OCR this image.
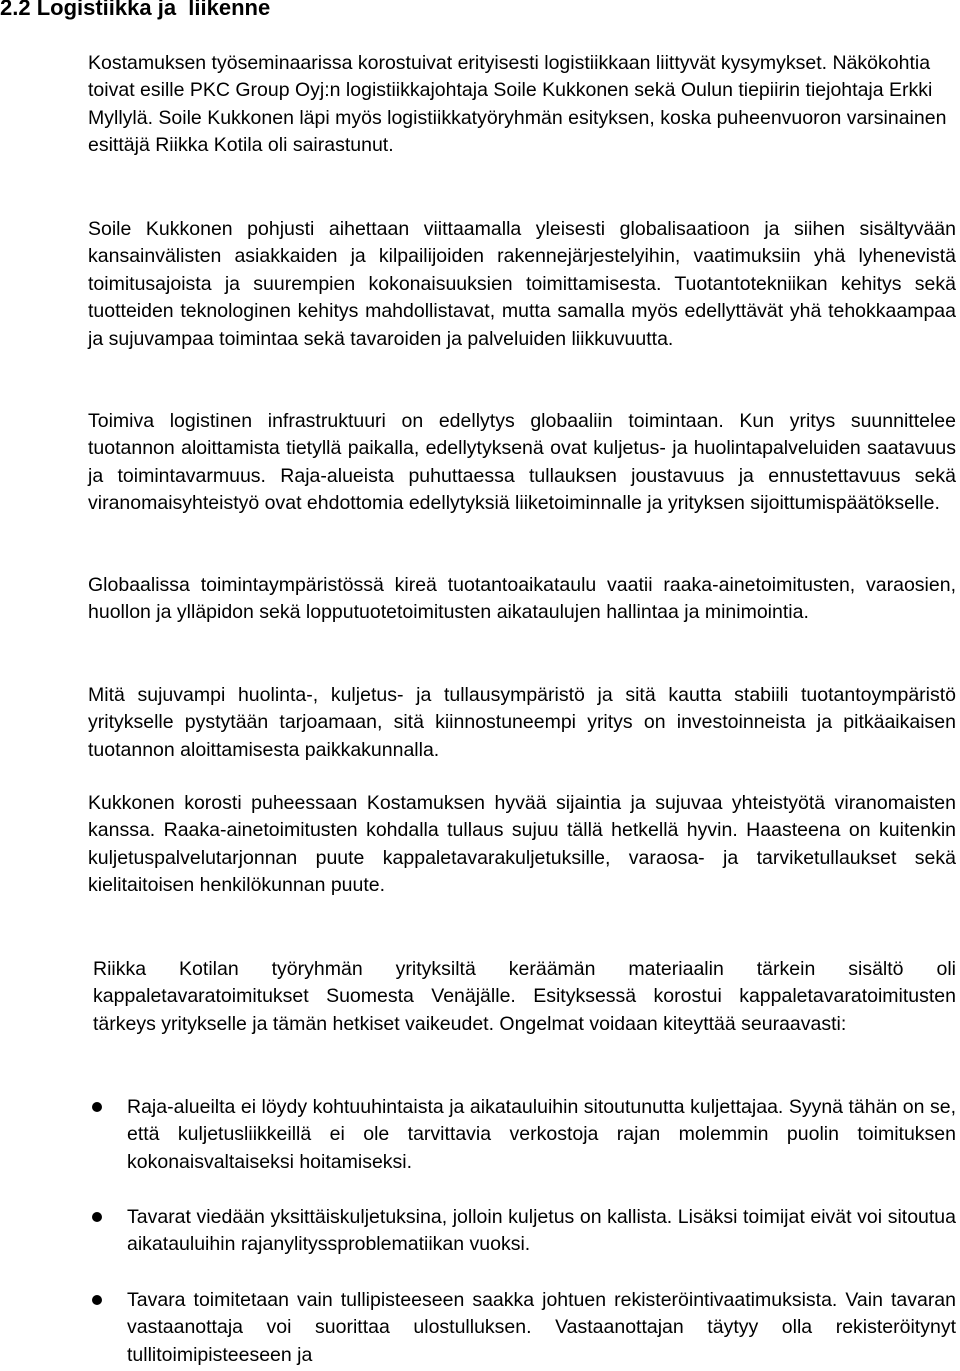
2.2 Logistiikka ja  liikenne

Kostamuksen työseminaarissa korostuivat erityisesti logistiikkaan liittyvät kysymykset. Näkökohtia toivat esille PKC Group Oyj:n logistiikkajohtaja Soile Kukkonen sekä Oulun tiepiirin tiejohtaja Erkki Myllylä. Soile Kukkonen läpi myös logistiikkatyöryhmän esityksen, koska puheenvuoron varsinainen esittäjä Riikka Kotila oli sairastunut.

Soile Kukkonen pohjusti aihettaan viittaamalla yleisesti globalisaatioon ja siihen sisältyvään kansainvälisten asiakkaiden ja kilpailijoiden rakennejärjestelyihin, vaatimuksiin yhä lyhenevistä toimitusajoista ja suurempien kokonaisuuksien toimittamisesta. Tuotantotekniikan kehitys sekä tuotteiden teknologinen kehitys mahdollistavat, mutta samalla myös edellyttävät yhä tehokkaampaa ja sujuvampaa toimintaa sekä tavaroiden ja palveluiden liikkuvuutta.

Toimiva logistinen infrastruktuuri on edellytys globaaliin toimintaan. Kun yritys suunnittelee tuotannon aloittamista tietyllä paikalla, edellytyksenä ovat kuljetus- ja huolintapalveluiden saatavuus ja toimintavarmuus. Raja-alueista puhuttaessa tullauksen joustavuus ja ennustettavuus sekä viranomaisyhteistyö ovat ehdottomia edellytyksiä liiketoiminnalle ja yrityksen sijoittumispäätökselle.

Globaalissa toimintaympäristössä kireä tuotantoaikataulu vaatii raaka-ainetoimitusten, varaosien, huollon ja ylläpidon sekä lopputuotetoimitusten aikataulujen hallintaa ja minimointia.

Mitä sujuvampi huolinta-, kuljetus- ja tullausympäristö ja sitä kautta stabiili tuotantoympäristö yritykselle pystytään tarjoamaan, sitä kiinnostuneempi yritys on investoinneista ja pitkäaikaisen tuotannon aloittamisesta paikkakunnalla.

Kukkonen korosti puheessaan Kostamuksen hyvää sijaintia ja sujuvaa yhteistyötä viranomaisten kanssa. Raaka-ainetoimitusten kohdalla tullaus sujuu tällä hetkellä hyvin. Haasteena on kuitenkin kuljetuspalvelutarjonnan puute kappaletavarakuljetuksille, varaosa- ja tarviketullaukset sekä kielitaitoisen henkilökunnan puute.

Riikka Kotilan työryhmän yrityksiltä keräämän materiaalin tärkein sisältö oli kappaletavaratoimitukset Suomesta Venäjälle. Esityksessä korostui kappaletavaratoimitusten tärkeys yritykselle ja tämän hetkiset vaikeudet. Ongelmat voidaan kiteyttää seuraavasti:

Raja-alueilta ei löydy kohtuuhintaista ja aikatauluihin sitoutunutta kuljettajaa. Syynä tähän on se, että kuljetusliikkeillä ei ole tarvittavia verkostoja rajan molemmin puolin toimituksen kokonaisvaltaiseksi hoitamiseksi.

Tavarat viedään yksittäiskuljetuksina, jolloin kuljetus on kallista. Lisäksi toimijat eivät voi sitoutua aikatauluihin rajanylityssproblematiikan vuoksi.

Tavara toimitetaan vain tullipisteeseen saakka johtuen rekisteröintivaatimuksista. Vain tavaran vastaanottaja voi suorittaa ulostulluksen. Vastaanottajan täytyy olla rekisteröitynyt tullitoimipisteeseen ja
